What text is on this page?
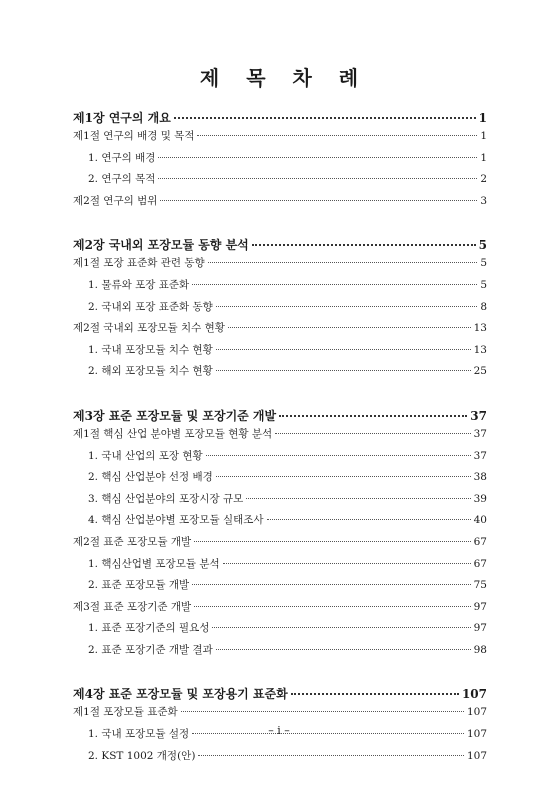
제 목 차 례
제1장 연구의 개요	1
제1절 연구의 배경 및 목적	1
1. 연구의 배경	1
2. 연구의 목적	2
제2절 연구의 범위	3
제2장 국내외 포장모듈 동향 분석	5
제1절 포장 표준화 관련 동향	5
1. 물류와 포장 표준화	5
2. 국내외 포장 표준화 동향	8
제2절 국내외 포장모듈 치수 현황	13
1. 국내 포장모듈 치수 현황	13
2. 해외 포장모듈 치수 현황	25
제3장 표준 포장모듈 및 포장기준 개발	37
제1절 핵심 산업 분야별 포장모듈 현황 분석	37
1. 국내 산업의 포장 현황	37
2. 핵심 산업분야 선정 배경	38
3. 핵심 산업분야의 포장시장 규모	39
4. 핵심 산업분야별 포장모듈 실태조사	40
제2절 표준 포장모듈 개발	67
1. 핵심산업별 포장모듈 분석	67
2. 표준 포장모듈 개발	75
제3절 표준 포장기준 개발	97
1. 표준 포장기준의 필요성	97
2. 표준 포장기준 개발 결과	98
제4장 표준 포장모듈 및 포장용기 표준화	107
제1절 포장모듈 표준화	107
1. 국내 포장모듈 설정	107
2. KST 1002 개정(안)	107
– i –
